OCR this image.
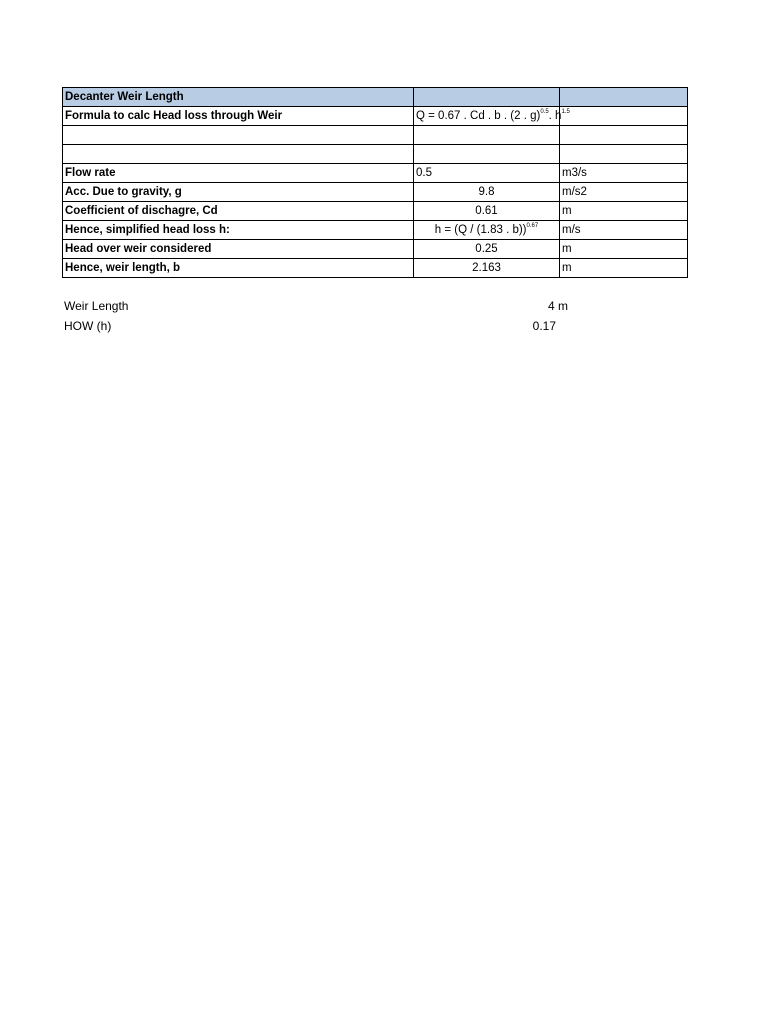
Decanter Weir Length		
Formula to calc Head loss through Weir	Q = 0.67 . Cd . b . (2 . g)$^{0.5}$. $h^{1.5}$	

Flow rate	0.5	m3/s
Acc. Due to gravity, g	9.8	m/s2
Coefficient of dischagre, Cd	0.61	m
Hence, simplified head loss h:	h = (Q / (1.83 . b))$^{0.67}$	m/s
Head over weir considered	0.25	m
Hence, weir length, b	2.163	m
Weir Length	4 m
HOW (h)	0.17
